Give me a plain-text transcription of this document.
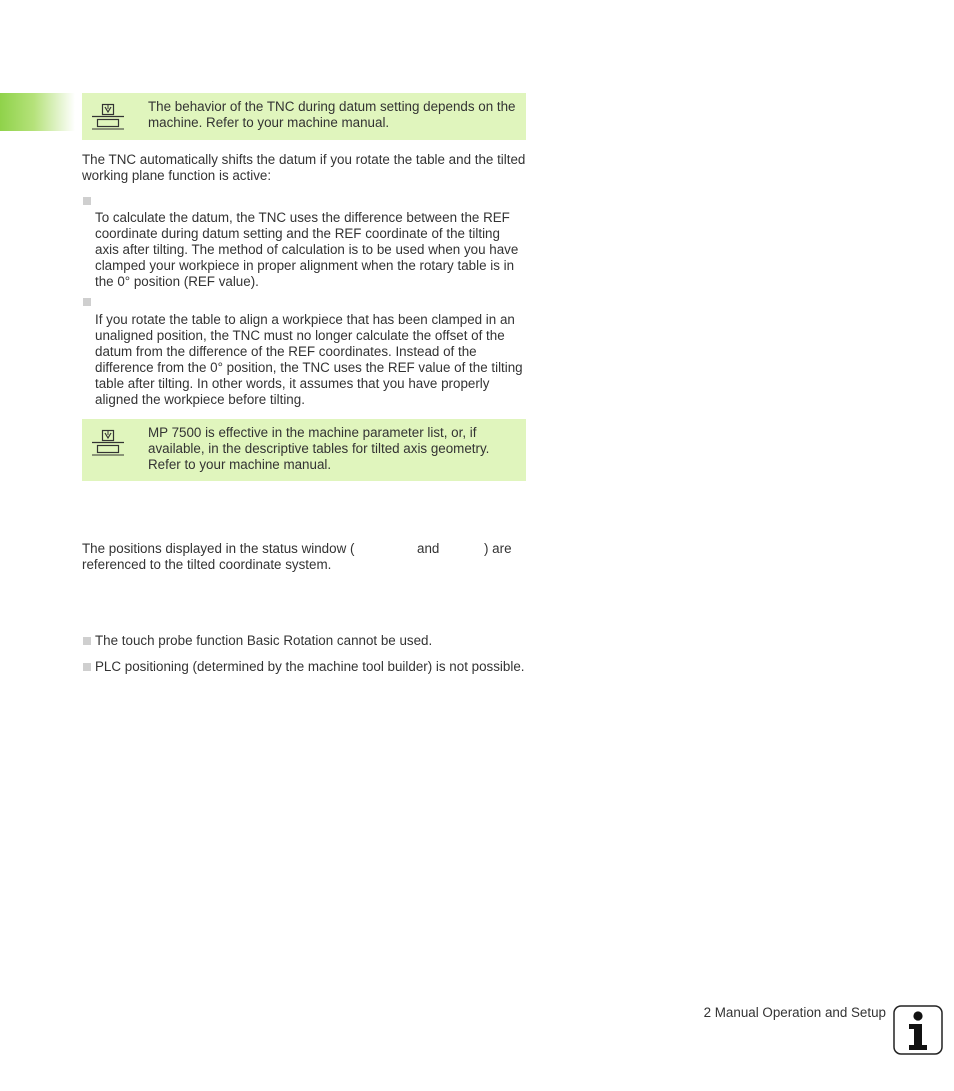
The behavior of the TNC during datum setting depends on the machine. Refer to your machine manual.

The TNC automatically shifts the datum if you rotate the table and the tilted working plane function is active:

To calculate the datum, the TNC uses the difference between the REF coordinate during datum setting and the REF coordinate of the tilting axis after tilting. The method of calculation is to be used when you have clamped your workpiece in proper alignment when the rotary table is in the 0° position (REF value).

If you rotate the table to align a workpiece that has been clamped in an unaligned position, the TNC must no longer calculate the offset of the datum from the difference of the REF coordinates. Instead of the difference from the 0° position, the TNC uses the REF value of the tilting table after tilting. In other words, it assumes that you have properly aligned the workpiece before tilting.

MP 7500 is effective in the machine parameter list, or, if available, in the descriptive tables for tilted axis geometry. Refer to your machine manual.

The positions displayed in the status window (	and	) are
referenced to the tilted coordinate system.

The touch probe function Basic Rotation cannot be used.

PLC positioning (determined by the machine tool builder) is not possible.

2 Manual Operation and Setup
